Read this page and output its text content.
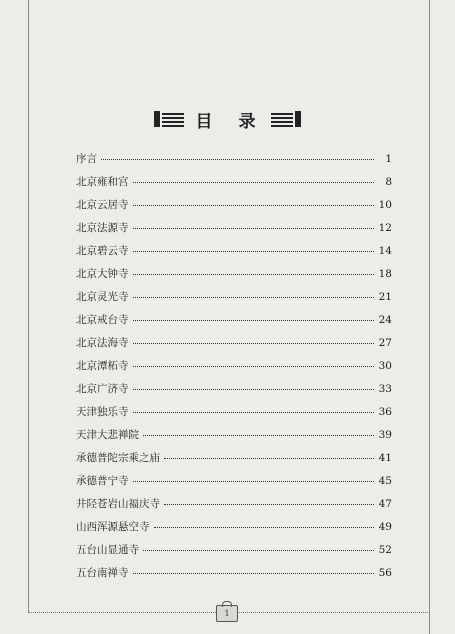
目 录
序言	1
北京雍和宫	8
北京云居寺	10
北京法源寺	12
北京碧云寺	14
北京大钟寺	18
北京灵光寺	21
北京戒台寺	24
北京法海寺	27
北京潭柘寺	30
北京广济寺	33
天津独乐寺	36
天津大悲禅院	39
承德普陀宗乘之庙	41
承德普宁寺	45
井陉苍岩山福庆寺	47
山西浑源悬空寺	49
五台山显通寺	52
五台南禅寺	56
1
